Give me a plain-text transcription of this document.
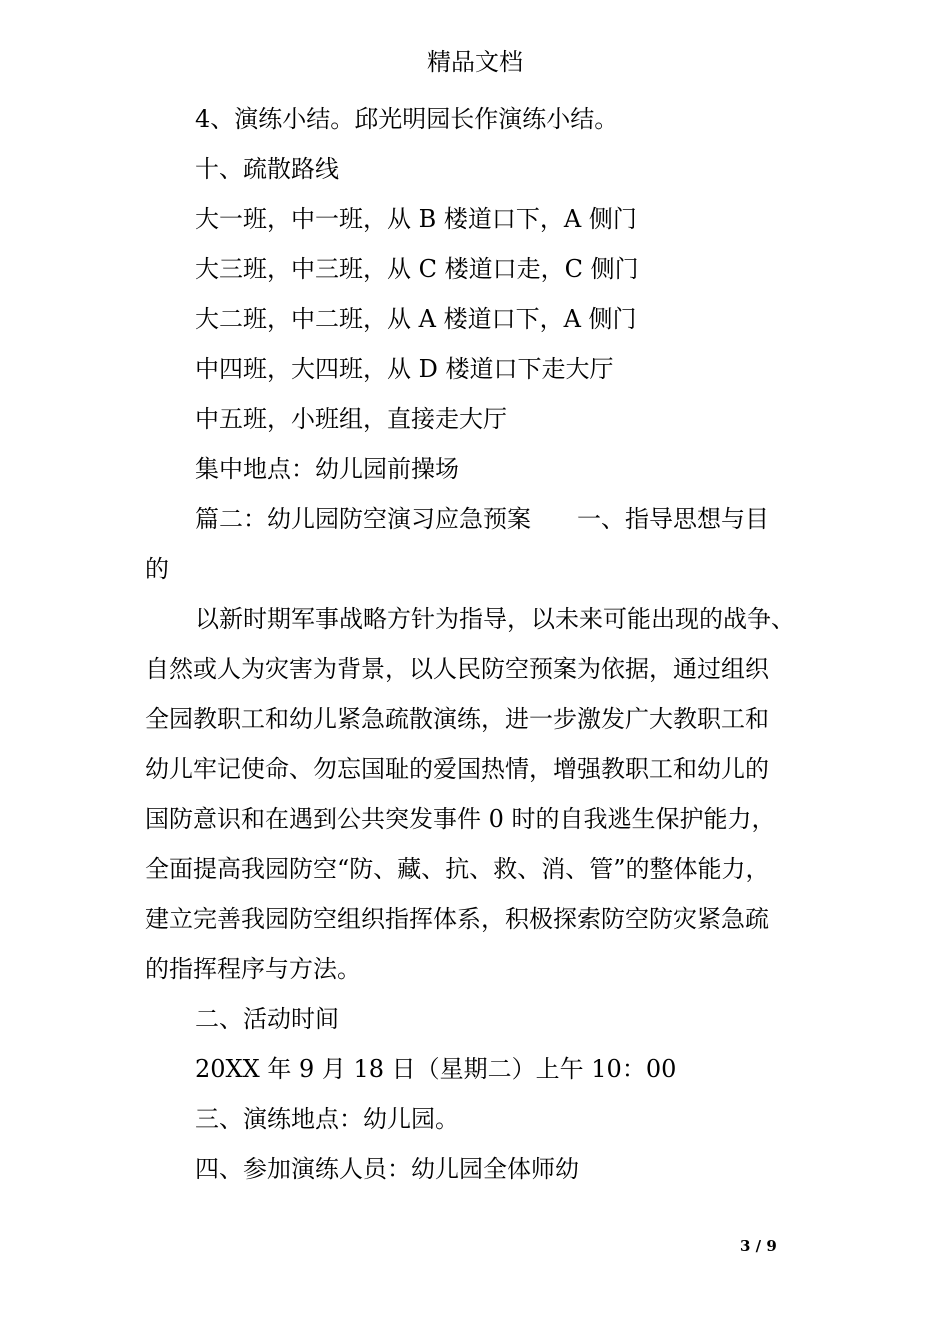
精品文档
4、演练小结。邱光明园长作演练小结。
十、疏散路线
大一班，中一班，从 B 楼道口下，A 侧门
大三班，中三班，从 C 楼道口走，C 侧门
大二班，中二班，从 A 楼道口下，A 侧门
中四班，大四班，从 D 楼道口下走大厅
中五班，小班组，直接走大厅
集中地点：幼儿园前操场
篇二：幼儿园防空演习应急预案 一、指导思想与目
的
以新时期军事战略方针为指导，以未来可能出现的战争、
自然或人为灾害为背景，以人民防空预案为依据，通过组织
全园教职工和幼儿紧急疏散演练，进一步激发广大教职工和
幼儿牢记使命、勿忘国耻的爱国热情，增强教职工和幼儿的
国防意识和在遇到公共突发事件 0 时的自我逃生保护能力，
全面提高我园防空“防、藏、抗、救、消、管”的整体能力，
建立完善我园防空组织指挥体系，积极探索防空防灾紧急疏
的指挥程序与方法。
二、活动时间
20XX 年 9 月 18 日（星期二）上午 10：00
三、演练地点：幼儿园。
四、参加演练人员：幼儿园全体师幼
3 / 9
